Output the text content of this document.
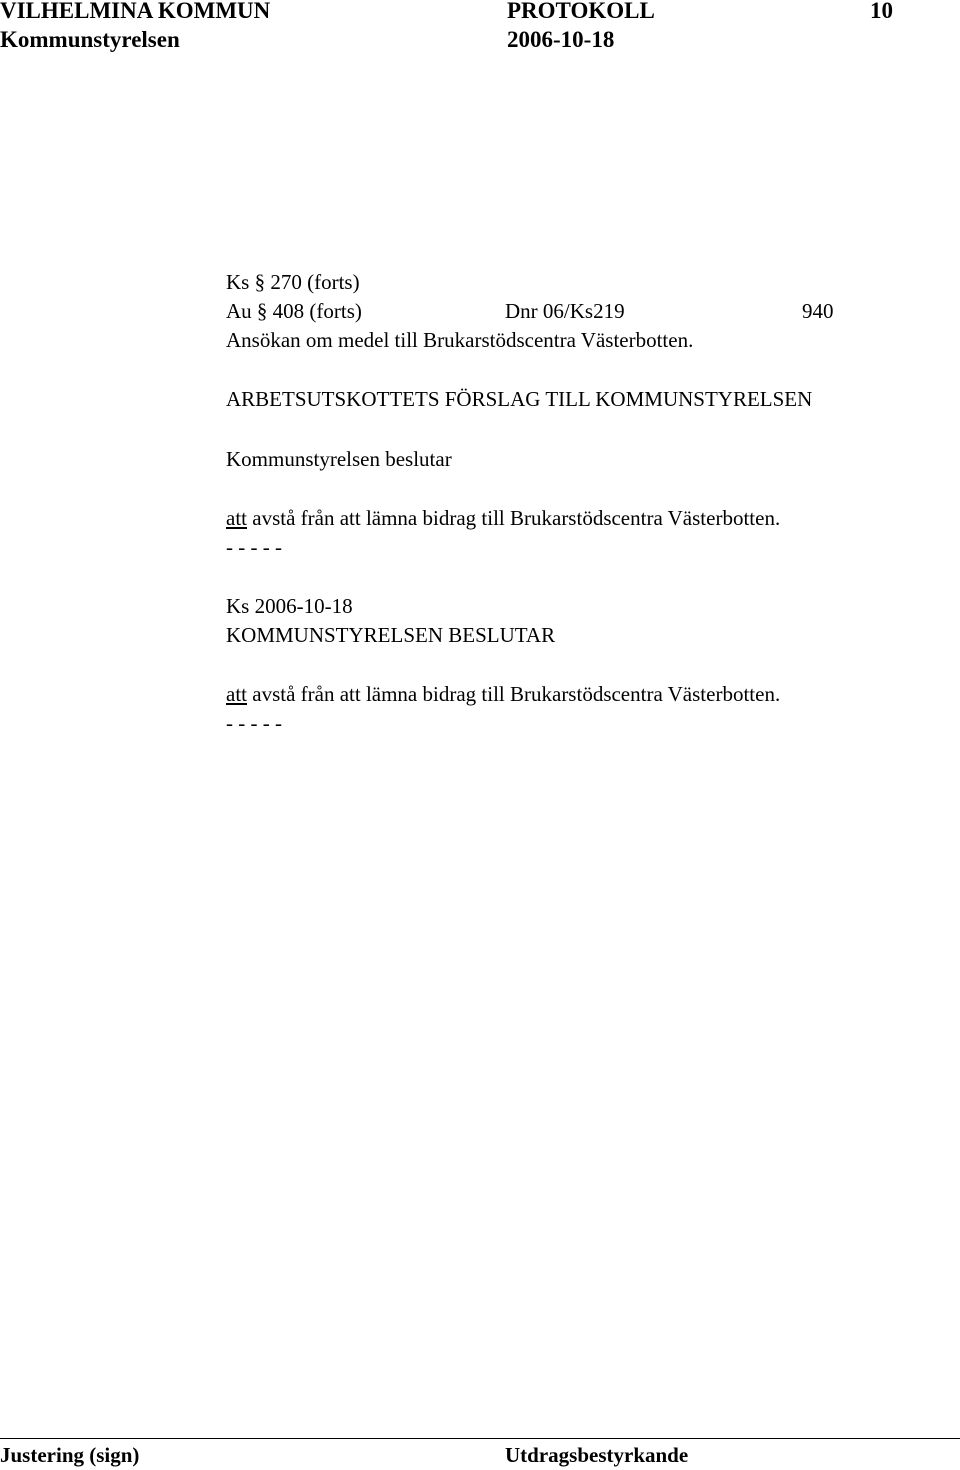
VILHELMINA KOMMUN	PROTOKOLL	10
Kommunstyrelsen	2006-10-18
Ks § 270 (forts)
Au § 408 (forts)	Dnr 06/Ks219	940
Ansökan om medel till Brukarstödscentra Västerbotten.
ARBETSUTSKOTTETS FÖRSLAG TILL KOMMUNSTYRELSEN
Kommunstyrelsen beslutar
att avstå från att lämna bidrag till Brukarstödscentra Västerbotten.
- - - - -
Ks 2006-10-18
KOMMUNSTYRELSEN BESLUTAR
att avstå från att lämna bidrag till Brukarstödscentra Västerbotten.
- - - - -
Justering (sign)	Utdragsbestyrkande
